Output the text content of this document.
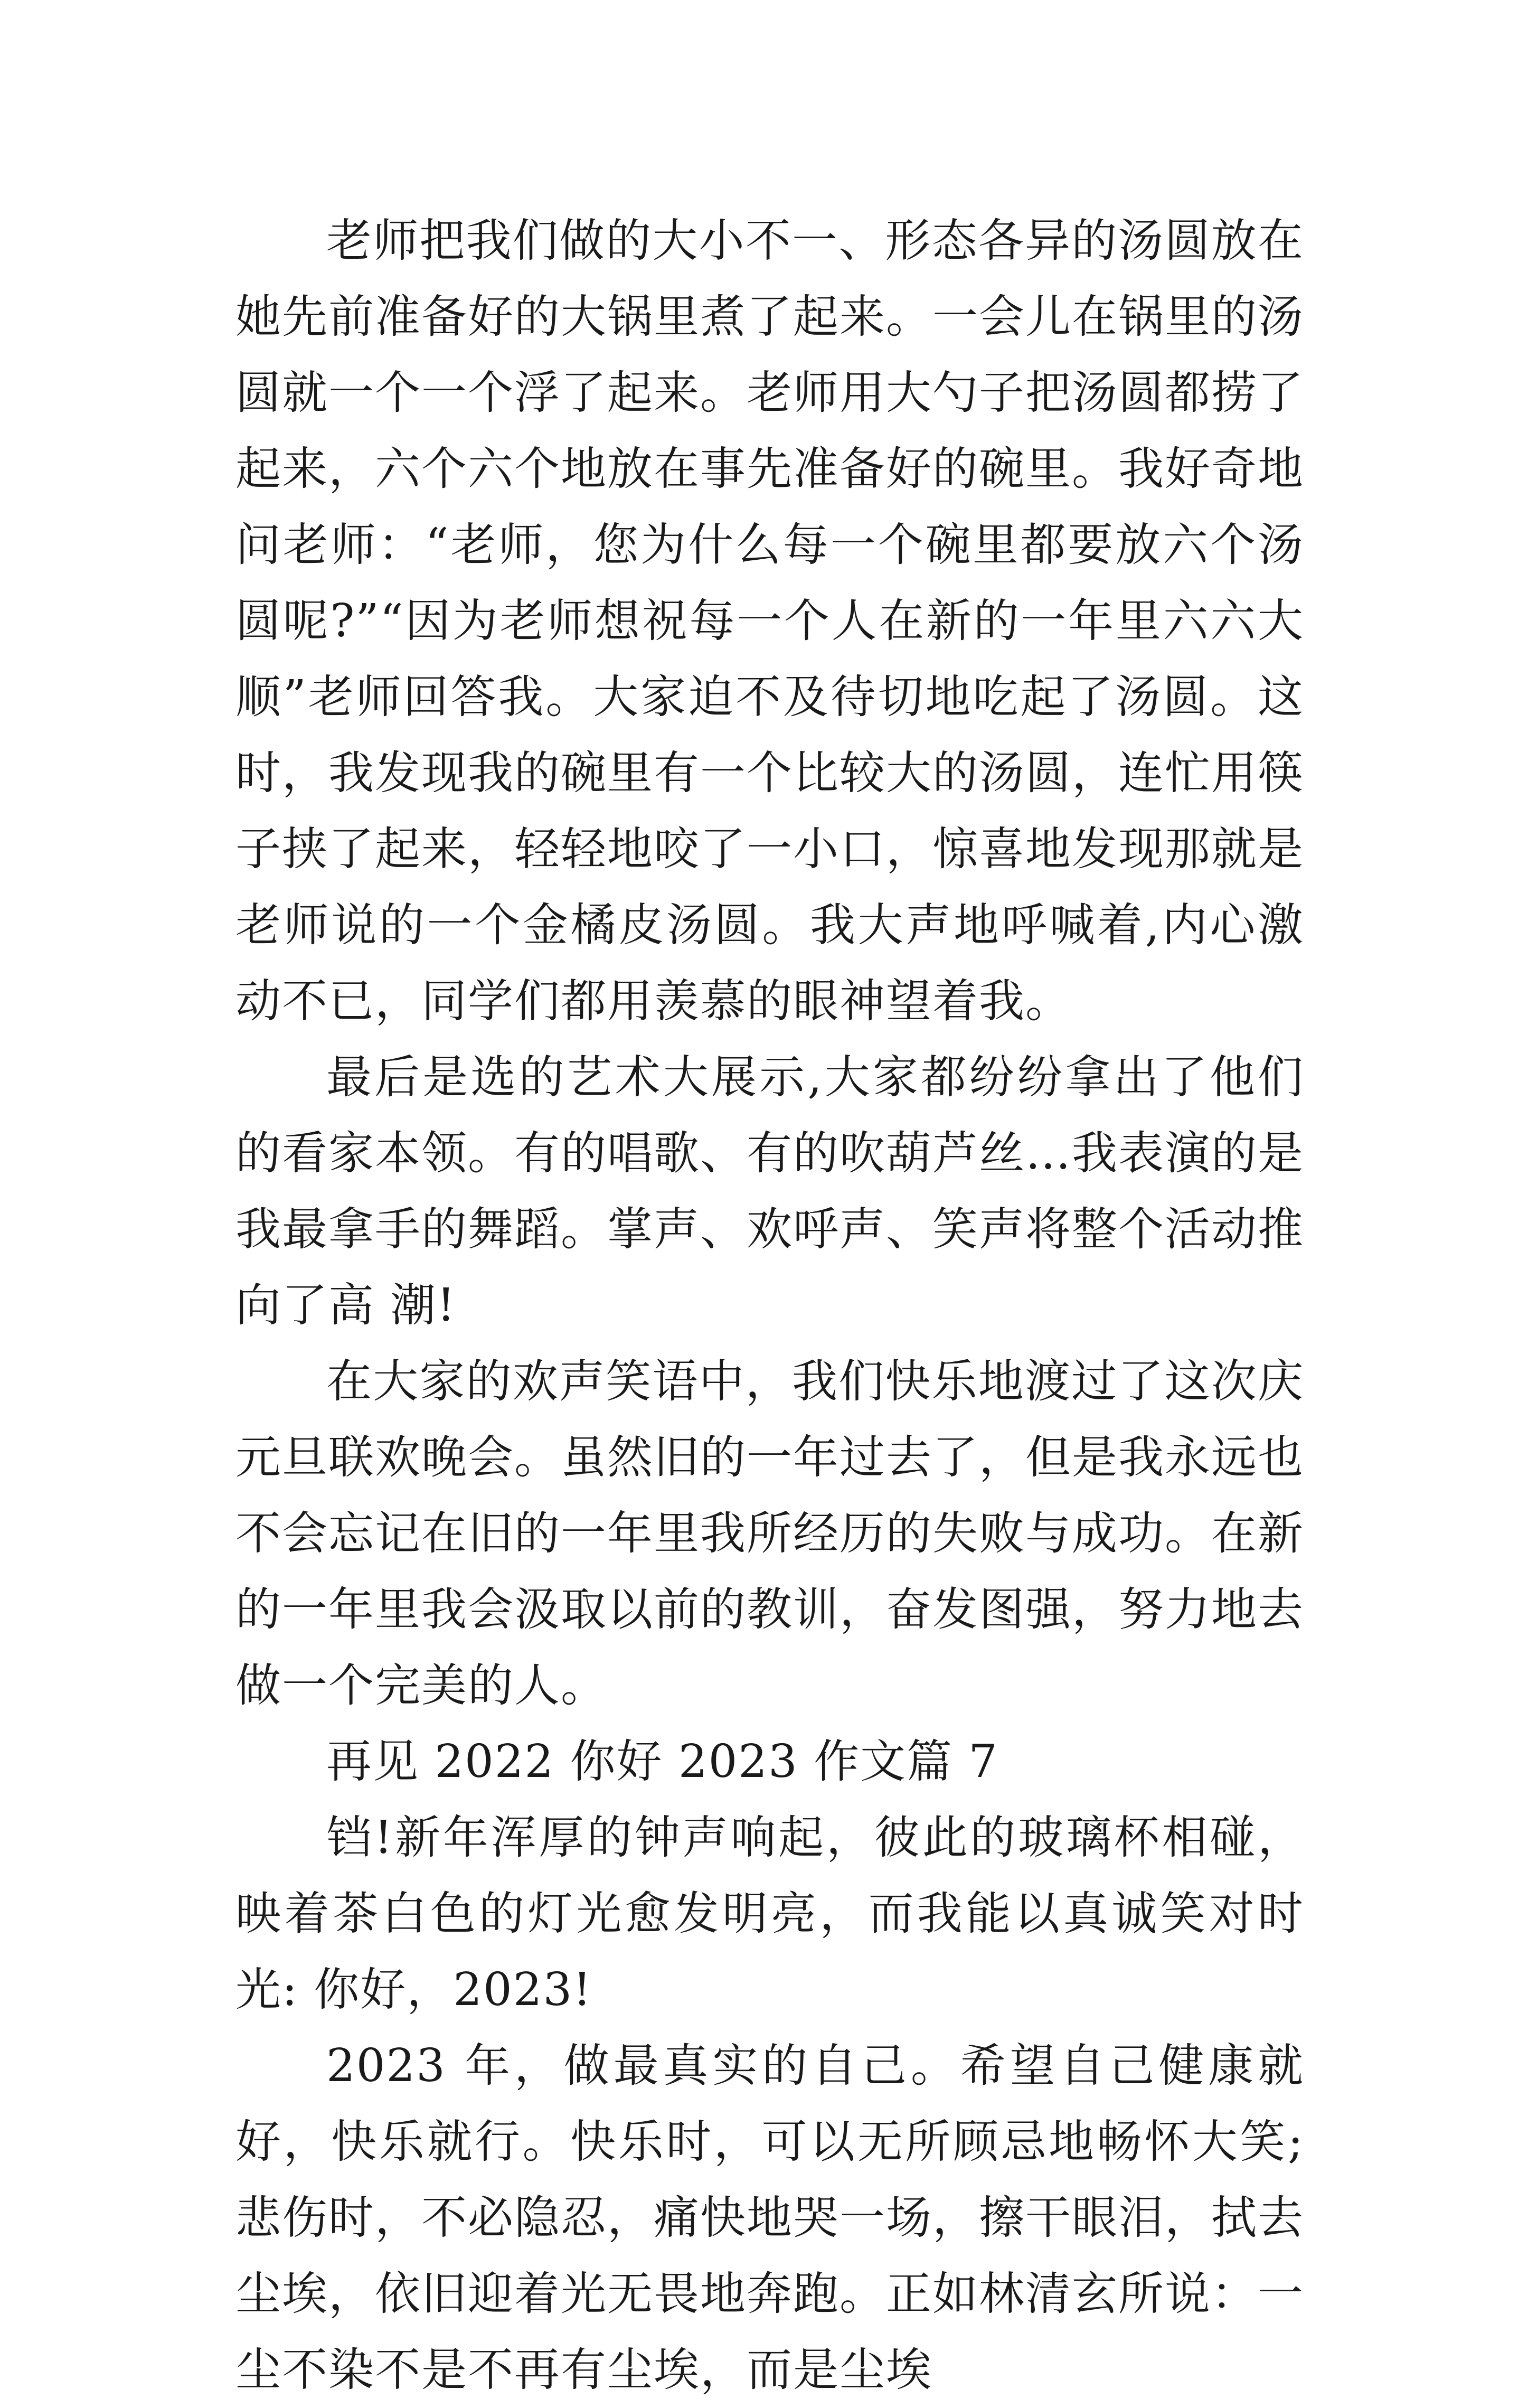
老师把我们做的大小不一、形态各异的汤圆放在她先前准备好的大锅里煮了起来。一会儿在锅里的汤圆就一个一个浮了起来。老师用大勺子把汤圆都捞了起来，六个六个地放在事先准备好的碗里。我好奇地问老师：“老师，您为什么每一个碗里都要放六个汤圆呢?”“因为老师想祝每一个人在新的一年里六六大顺”老师回答我。大家迫不及待切地吃起了汤圆。这时，我发现我的碗里有一个比较大的汤圆，连忙用筷子挟了起来，轻轻地咬了一小口，惊喜地发现那就是老师说的一个金橘皮汤圆。我大声地呼喊着,内心激动不已，同学们都用羡慕的眼神望着我。

最后是选的艺术大展示,大家都纷纷拿出了他们的看家本领。有的唱歌、有的吹葫芦丝…我表演的是我最拿手的舞蹈。掌声、欢呼声、笑声将整个活动推向了高 潮!

在大家的欢声笑语中，我们快乐地渡过了这次庆元旦联欢晚会。虽然旧的一年过去了，但是我永远也不会忘记在旧的一年里我所经历的失败与成功。在新的一年里我会汲取以前的教训，奋发图强，努力地去做一个完美的人。

再见 2022 你好 2023 作文篇 7

铛!新年浑厚的钟声响起，彼此的玻璃杯相碰，映着茶白色的灯光愈发明亮，而我能以真诚笑对时光: 你好，2023!

2023 年，做最真实的自己。希望自己健康就好，快乐就行。快乐时，可以无所顾忌地畅怀大笑;悲伤时，不必隐忍，痛快地哭一场，擦干眼泪，拭去尘埃，依旧迎着光无畏地奔跑。正如林清玄所说：一尘不染不是不再有尘埃，而是尘埃
